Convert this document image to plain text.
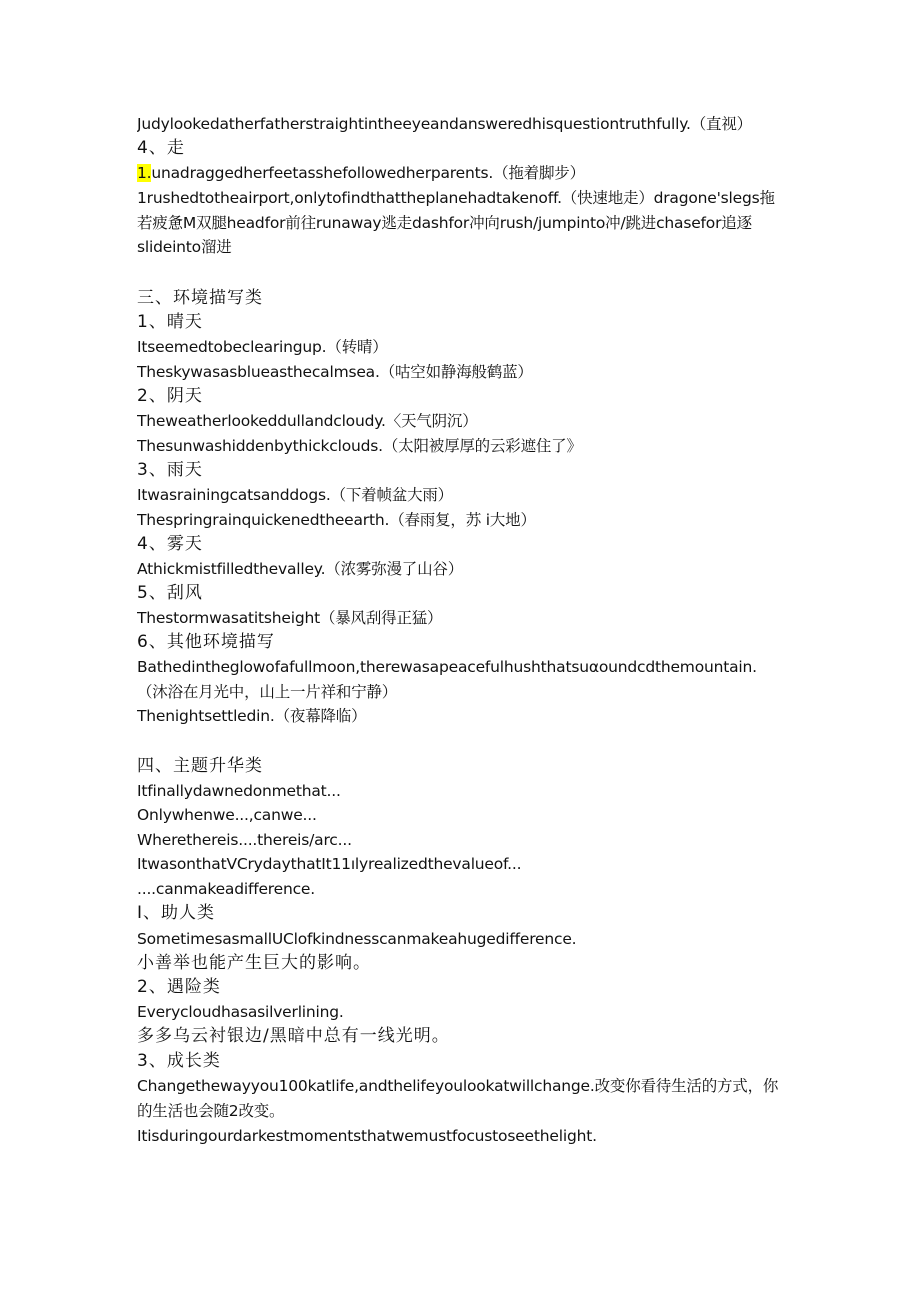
Judylookedatherfatherstraightintheeyeandansweredhisquestiontruthfully.（直视）
4、走
1.unadraggedherfeetasshefollowedherparents.（拖着脚步）
1rushedtotheairport,onlytofindthattheplanehadtakenoff.（快速地走）dragone'slegs拖若疲惫M双腿headfor前往runaway逃走dashfor冲向rush/jumpinto冲/跳进chasefor追逐slideinto溜进
三、环境描写类
1、晴天
Itseemedtobeclearingup.（转晴）
Theskywasasblueasthecalmsea.（咕空如静海般鹤蓝）
2、阴天
Theweatherlookeddullandcloudy.〈天气阴沉）
Thesunwashiddenbythickclouds.（太阳被厚厚的云彩遮住了》
3、雨天
Itwasrainingcatsanddogs.（下着帧盆大雨）
Thespringrainquickenedtheearth.（春雨复，苏 i大地）
4、雾天
Athickmistfilledthevalley.（浓雾弥漫了山谷）
5、刮风
Thestormwasatitsheight（暴风刮得正猛）
6、其他环境描写
Bathedintheglowofafullmoon,therewasapeacefulhushthatsuαoundcdthemountain.（沐浴在月光中，山上一片祥和宁静）
Thenightsettledin.（夜幕降临）
四、主题升华类
Itfinallydawnedonmethat...
Onlywhenwe...,canwe...
Wherethereis....thereis/arc...
ItwasonthatVCrydaythatIt11ılyrealizedthevalueof...
....canmakeadifference.
I、助人类
SometimesasmallUClofkindnesscanmakeahugedifference.
小善举也能产生巨大的影响。
2、遇险类
Everycloudhasasilverlining.
多多乌云衬银边/黑暗中总有一线光明。
3、成长类
Changethewayyou100katlife,andthelifeyoulookatwillchange.改变你看待生活的方式，你的生活也会随2改变。
Itisduringourdarkestmomentsthatwemustfocustoseethelight.
